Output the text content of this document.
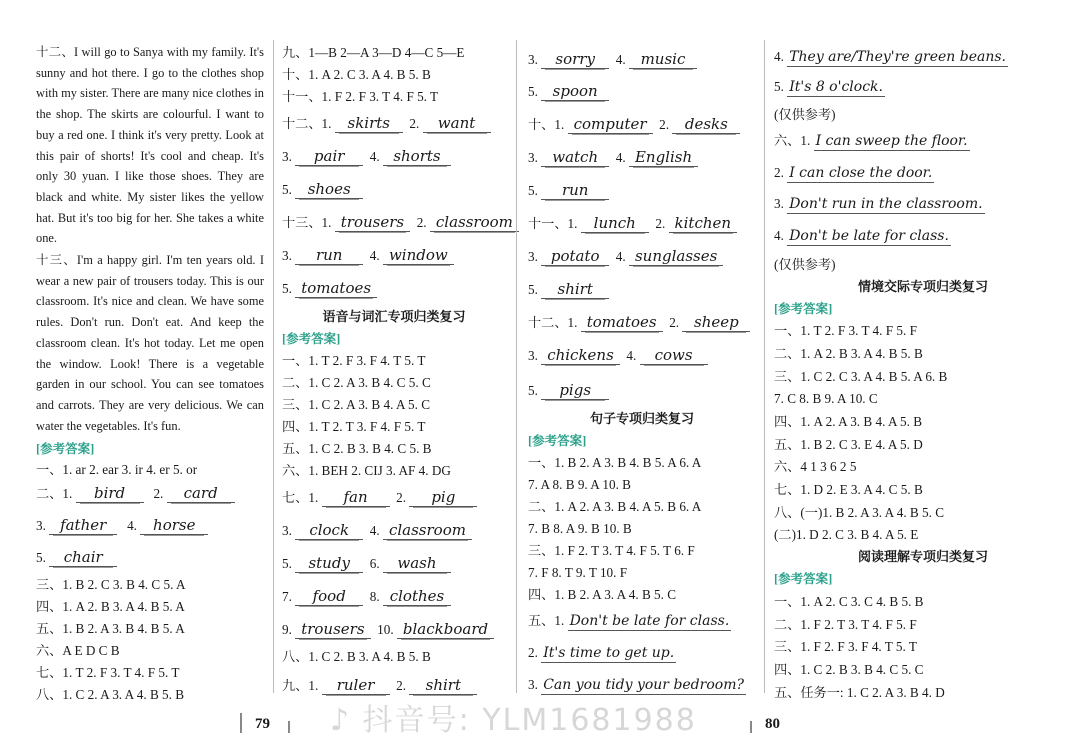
十二、I will go to Sanya with my family. It's sunny and hot there. I go to the clothes shop with my sister. There are many nice clothes in the shop. The skirts are colourful. I want to buy a red one. I think it's very pretty. Look at this pair of shorts! It's cool and cheap. It's only 30 yuan. I like those shoes. They are black and white. My sister likes the yellow hat. But it's too big for her. She takes a white one.
十三、I'm a happy girl. I'm ten years old. I wear a new pair of trousers today. This is our classroom. It's nice and clean. We have some rules. Don't run. Don't eat. And keep the classroom clean. It's hot today. Let me open the window. Look! There is a vegetable garden in our school. You can see tomatoes and carrots. They are very delicious. We can water the vegetables. It's fun.
[参考答案]
一、1. ar 2. ear 3. ir 4. er 5. or
二、1. bird 2. card
3. father 4. horse
5. chair
三、1. B 2. C 3. B 4. C 5. A
四、1. A 2. B 3. A 4. B 5. A
五、1. B 2. A 3. B 4. B 5. A
六、A E D C B
七、1. T 2. F 3. T 4. F 5. T
八、1. C 2. A 3. A 4. B 5. B
九、1—B 2—A 3—D 4—C 5—E
十、1. A 2. C 3. A 4. B 5. B
十一、1. F 2. F 3. T 4. F 5. T
十二、1. skirts 2. want
3. pair 4. shorts
5. shoes
十三、1. trousers 2. classroom
3. run 4. window
5. tomatoes
语音与词汇专项归类复习
[参考答案]
一、1. T 2. F 3. F 4. T 5. T
二、1. C 2. A 3. B 4. C 5. C
三、1. C 2. A 3. B 4. A 5. C
四、1. T 2. T 3. F 4. F 5. T
五、1. C 2. B 3. B 4. C 5. B
六、1. BEH 2. CIJ 3. AF 4. DG
七、1. fan 2. pig
3. clock 4. classroom
5. study 6. wash
7. food 8. clothes
9. trousers 10. blackboard
八、1. C 2. B 3. A 4. B 5. B
九、1. ruler 2. shirt
3. sorry 4. music
5. spoon
十、1. computer 2. desks
3. watch 4. English
5. run
十一、1. lunch 2. kitchen
3. potato 4. sunglasses
5. shirt
十二、1. tomatoes 2. sheep
3. chickens 4. cows
5. pigs
句子专项归类复习
[参考答案]
一、1. B 2. A 3. B 4. B 5. A 6. A
7. A 8. B 9. A 10. B
二、1. A 2. A 3. B 4. A 5. B 6. A
7. B 8. A 9. B 10. B
三、1. F 2. T 3. T 4. F 5. T 6. F
7. F 8. T 9. T 10. F
四、1. B 2. A 3. A 4. B 5. C
五、1. Don't be late for class.
2. It's time to get up.
3. Can you tidy your bedroom?
4. They are/They're green beans.
5. It's 8 o'clock.
(仅供参考)
六、1. I can sweep the floor.
2. I can close the door.
3. Don't run in the classroom.
4. Don't be late for class.
(仅供参考)
情境交际专项归类复习
[参考答案]
一、1. T 2. F 3. T 4. F 5. F
二、1. A 2. B 3. A 4. B 5. B
三、1. C 2. C 3. A 4. B 5. A 6. B
7. C 8. B 9. A 10. C
四、1. A 2. A 3. B 4. A 5. B
五、1. B 2. C 3. E 4. A 5. D
六、4 1 3 6 2 5
七、1. D 2. E 3. A 4. C 5. B
八、(一)1. B 2. A 3. A 4. B 5. C
(二)1. D 2. C 3. B 4. A 5. E
阅读理解专项归类复习
[参考答案]
一、1. A 2. C 3. C 4. B 5. B
二、1. F 2. T 3. T 4. F 5. F
三、1. F 2. F 3. F 4. T 5. T
四、1. C 2. B 3. B 4. C 5. C
五、任务一: 1. C 2. A 3. B 4. D
79 ♪ 抖音号: YLM1681988	80
